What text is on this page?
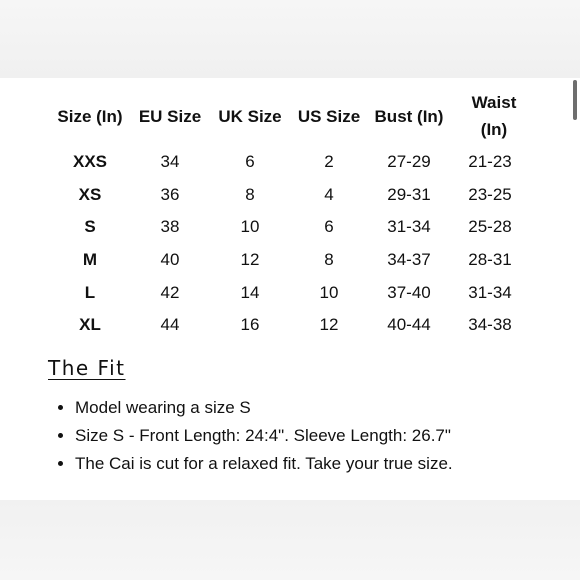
Size (In)	EU Size	UK Size	US Size	Bust (In)	Waist (In)
XXS	34	6	2	27-29	21-23
XS	36	8	4	29-31	23-25
S	38	10	6	31-34	25-28
M	40	12	8	34-37	28-31
L	42	14	10	37-40	31-34
XL	44	16	12	40-44	34-38
The Fit
• Model wearing a size S
• Size S - Front Length: 24:4". Sleeve Length: 26.7"
• The Cai is cut for a relaxed fit. Take your true size.
